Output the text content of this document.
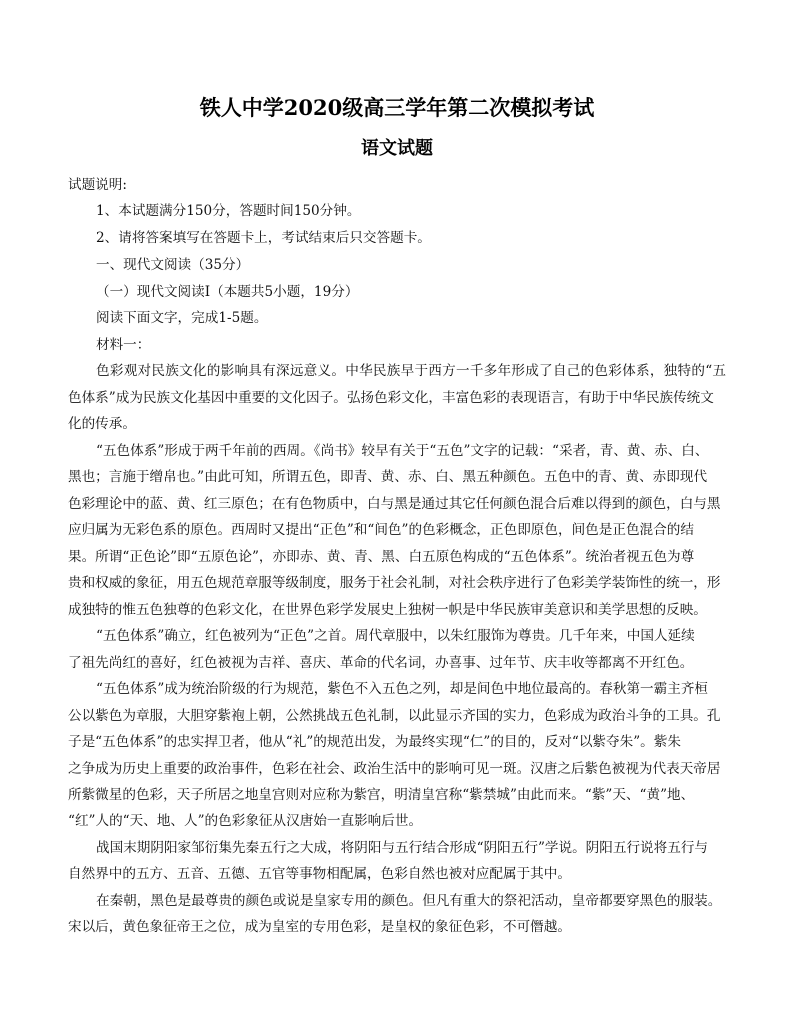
铁人中学2020级高三学年第二次模拟考试
语文试题
试题说明:
1、本试题满分150分，答题时间150分钟。
2、请将答案填写在答题卡上，考试结束后只交答题卡。
一、现代文阅读（35分）
（一）现代文阅读I（本题共5小题，19分）
阅读下面文字，完成1-5题。
材料一：
色彩观对民族文化的影响具有深远意义。中华民族早于西方一千多年形成了自己的色彩体系，独特的“五
色体系”成为民族文化基因中重要的文化因子。弘扬色彩文化，丰富色彩的表现语言，有助于中华民族传统文
化的传承。
“五色体系”形成于两千年前的西周。《尚书》较早有关于“五色”文字的记载：“采者，青、黄、赤、白、
黑也；言施于缯帛也。”由此可知，所谓五色，即青、黄、赤、白、黑五种颜色。五色中的青、黄、赤即现代
色彩理论中的蓝、黄、红三原色；在有色物质中，白与黑是通过其它任何颜色混合后难以得到的颜色，白与黑
应归属为无彩色系的原色。西周时又提出“正色”和“间色”的色彩概念，正色即原色，间色是正色混合的结
果。所谓“正色论”即“五原色论”，亦即赤、黄、青、黑、白五原色构成的“五色体系”。统治者视五色为尊
贵和权威的象征，用五色规范章服等级制度，服务于社会礼制，对社会秩序进行了色彩美学装饰性的统一，形
成独特的惟五色独尊的色彩文化，在世界色彩学发展史上独树一帜是中华民族审美意识和美学思想的反映。
“五色体系”确立，红色被列为“正色”之首。周代章服中，以朱红服饰为尊贵。几千年来，中国人延续
了祖先尚红的喜好，红色被视为吉祥、喜庆、革命的代名词，办喜事、过年节、庆丰收等都离不开红色。
“五色体系”成为统治阶级的行为规范，紫色不入五色之列，却是间色中地位最高的。春秋第一霸主齐桓
公以紫色为章服，大胆穿紫袍上朝，公然挑战五色礼制，以此显示齐国的实力，色彩成为政治斗争的工具。孔
子是“五色体系”的忠实捍卫者，他从“礼”的规范出发，为最终实现“仁”的目的，反对“以紫夺朱”。紫朱
之争成为历史上重要的政治事件，色彩在社会、政治生活中的影响可见一斑。汉唐之后紫色被视为代表天帝居
所紫微星的色彩，天子所居之地皇宫则对应称为紫宫，明清皇宫称“紫禁城”由此而来。“紫”天、“黄”地、
“红”人的“天、地、人”的色彩象征从汉唐始一直影响后世。
战国末期阴阳家邹衍集先秦五行之大成，将阴阳与五行结合形成“阴阳五行”学说。阴阳五行说将五行与
自然界中的五方、五音、五德、五官等事物相配属，色彩自然也被对应配属于其中。
在秦朝，黑色是最尊贵的颜色或说是皇家专用的颜色。但凡有重大的祭祀活动，皇帝都要穿黑色的服装。
宋以后，黄色象征帝王之位，成为皇室的专用色彩，是皇权的象征色彩，不可僭越。
